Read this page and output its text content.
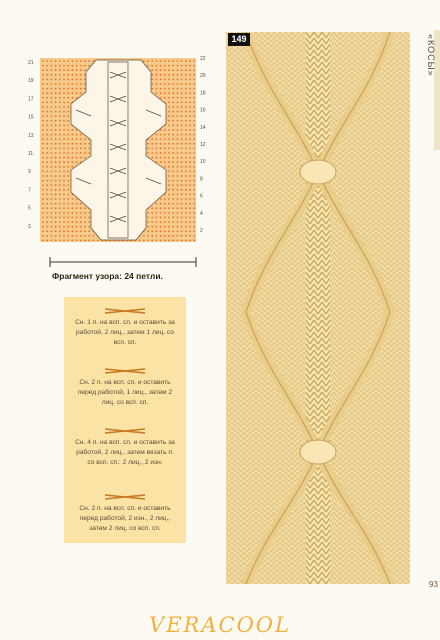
21
19
17
15
13
11
9
7
5
3
22
20
18
16
14
12
10
8
6
4
2
Фрагмент узора: 24 петли.
Сн. 1 п. на всп. сп. и оставить за работой, 2 лиц., затем 1 лиц. со всп. сп.
Сн. 2 п. на всп. сп. и оставить перед работой, 1 лиц., затем 2 лиц. со всп. сп.
Сн. 4 п. на всп. сп. и оставить за работой, 2 лиц., затем вязать п. со всп. сп.: 2 лиц., 2 изн.
Сн. 2 п. на всп. сп. и оставить перед работой, 2 изн., 2 лиц., затем 2 лиц. со всп. сп.
149	«КОСЫ»
93
VERACOOL
